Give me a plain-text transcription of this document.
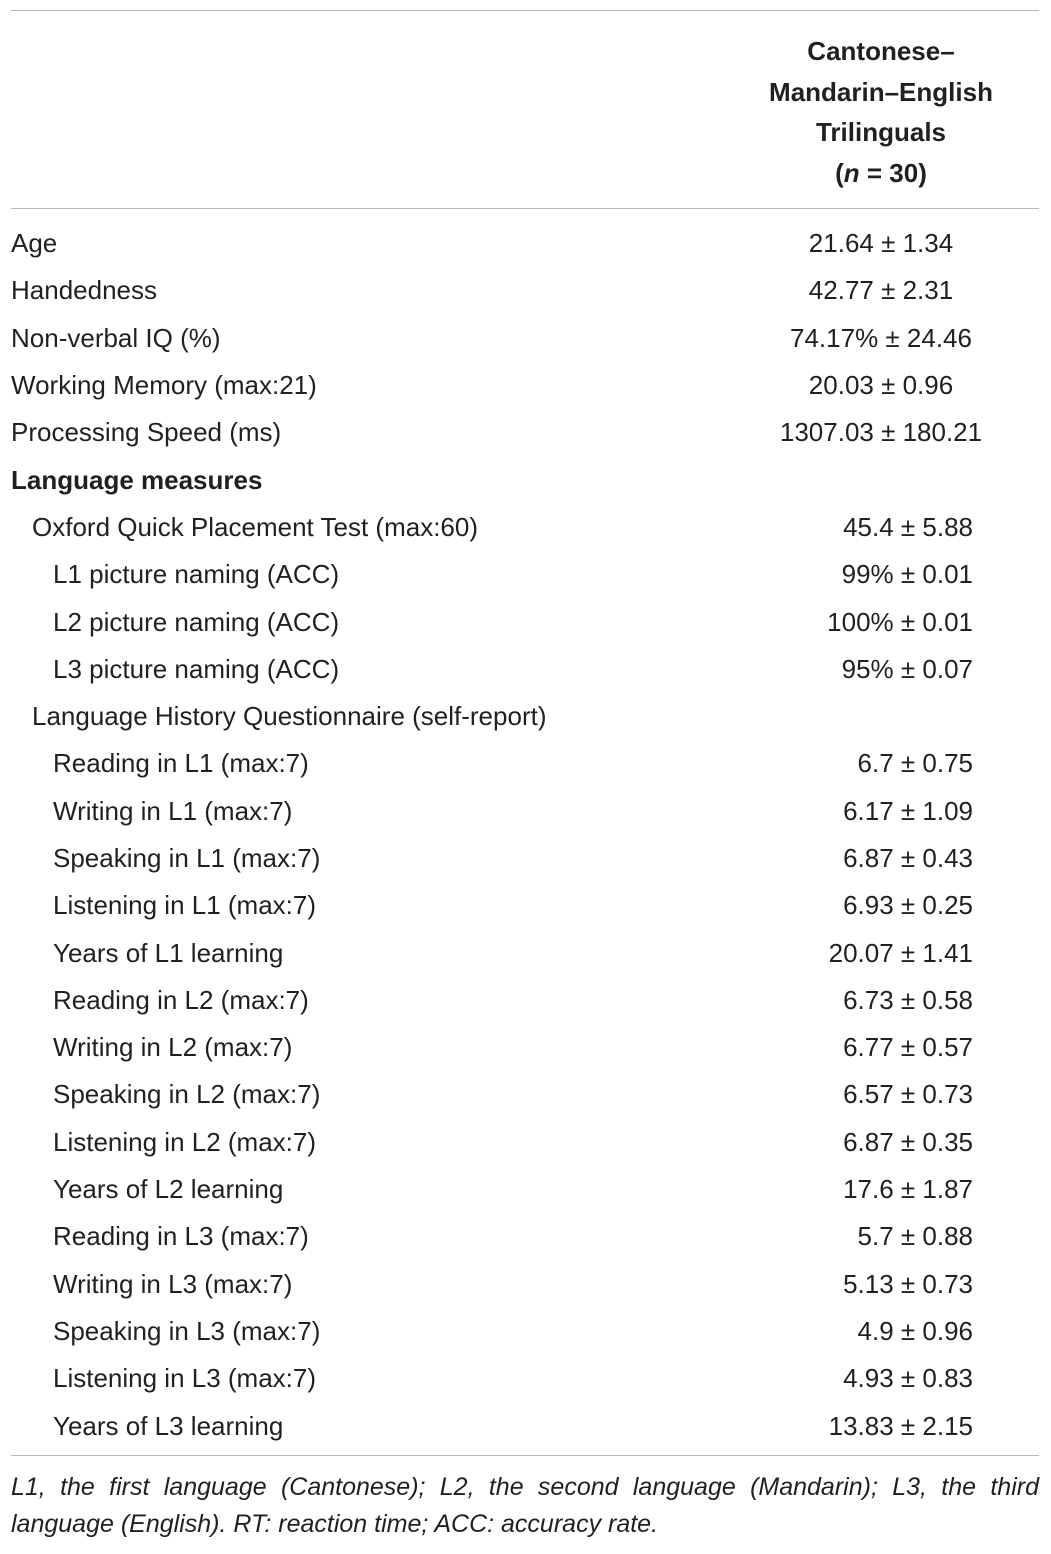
Cantonese–
Mandarin–English
Trilinguals
(n = 30)
Age	21.64 ± 1.34
Handedness	42.77 ± 2.31
Non-verbal IQ (%)	74.17% ± 24.46
Working Memory (max:21)	20.03 ± 0.96
Processing Speed (ms)	1307.03 ± 180.21
Language measures
Oxford Quick Placement Test (max:60)	45.4 ± 5.88
L1 picture naming (ACC)	99% ± 0.01
L2 picture naming (ACC)	100% ± 0.01
L3 picture naming (ACC)	95% ± 0.07
Language History Questionnaire (self-report)
Reading in L1 (max:7)	6.7 ± 0.75
Writing in L1 (max:7)	6.17 ± 1.09
Speaking in L1 (max:7)	6.87 ± 0.43
Listening in L1 (max:7)	6.93 ± 0.25
Years of L1 learning	20.07 ± 1.41
Reading in L2 (max:7)	6.73 ± 0.58
Writing in L2 (max:7)	6.77 ± 0.57
Speaking in L2 (max:7)	6.57 ± 0.73
Listening in L2 (max:7)	6.87 ± 0.35
Years of L2 learning	17.6 ± 1.87
Reading in L3 (max:7)	5.7 ± 0.88
Writing in L3 (max:7)	5.13 ± 0.73
Speaking in L3 (max:7)	4.9 ± 0.96
Listening in L3 (max:7)	4.93 ± 0.83
Years of L3 learning	13.83 ± 2.15
L1, the first language (Cantonese); L2, the second language (Mandarin); L3, the third language (English). RT: reaction time; ACC: accuracy rate.
